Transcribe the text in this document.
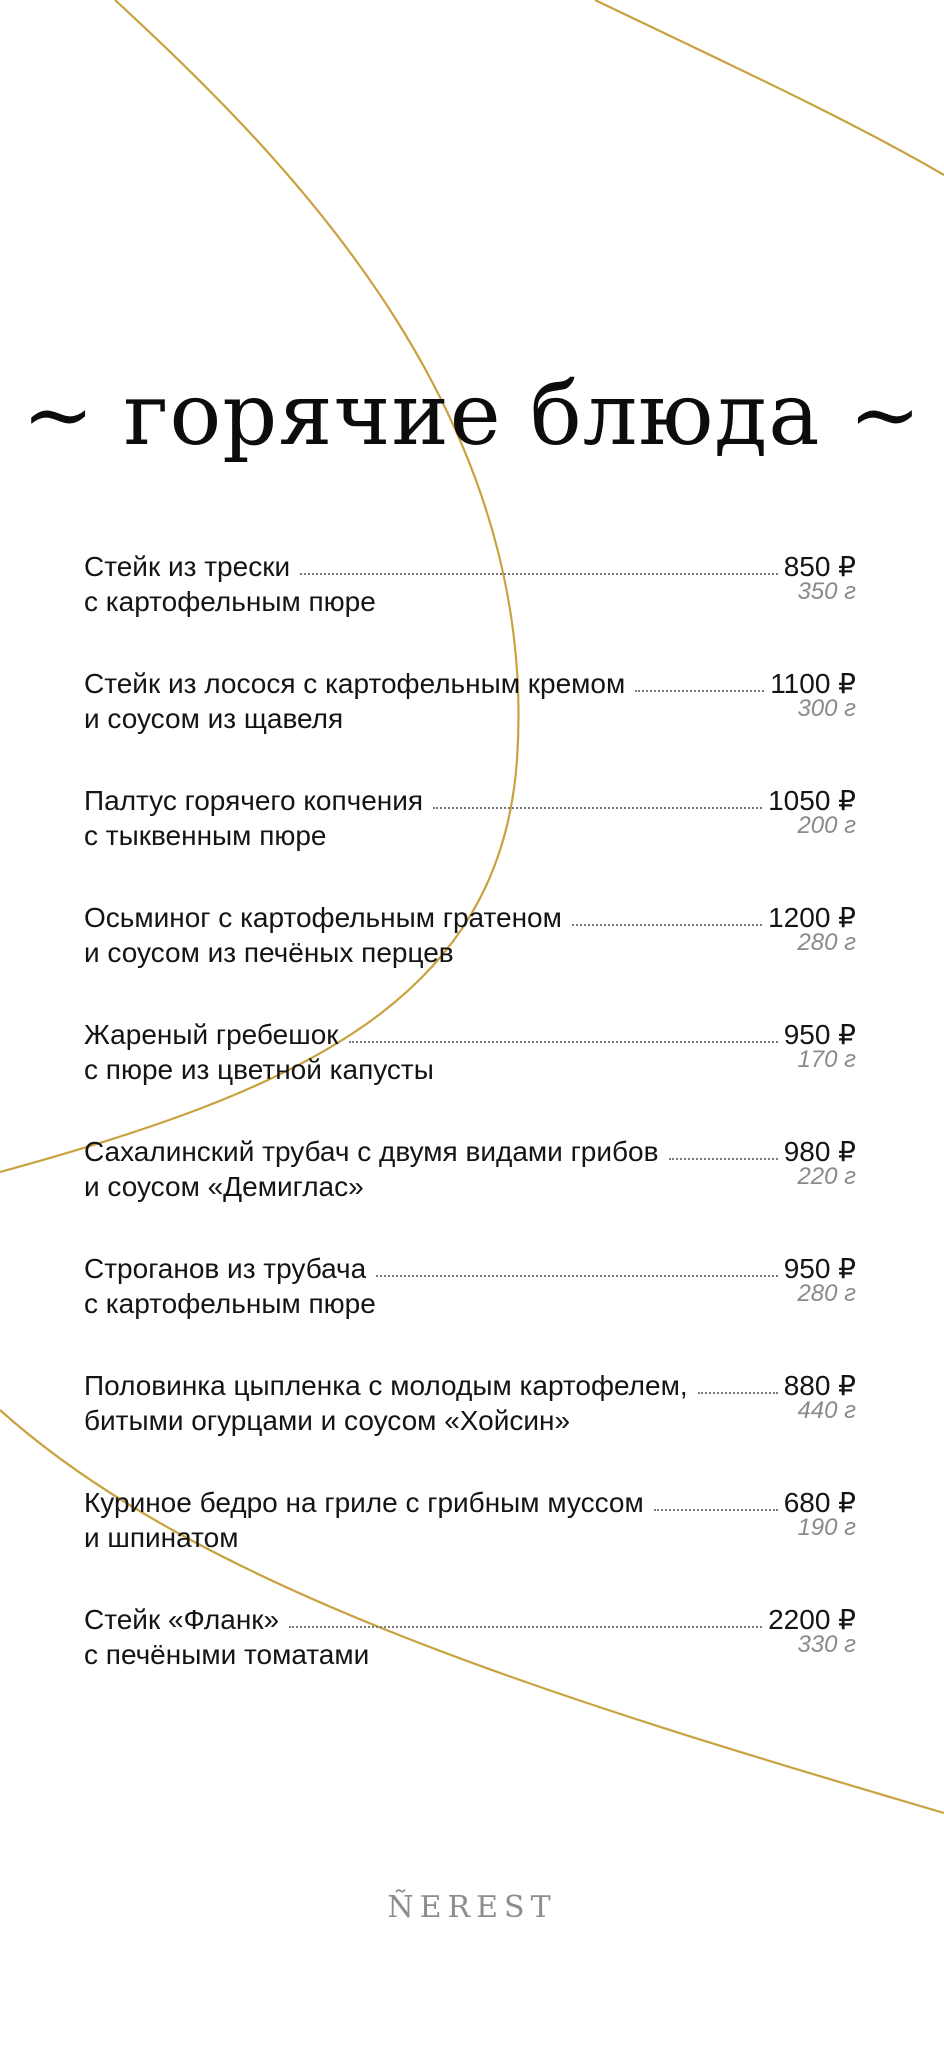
~ горячие блюда ~
Стейк из трески	850 ₽
с картофельным пюре	350 г
Стейк из лосося с картофельным кремом	1100 ₽
и соусом из щавеля	300 г
Палтус горячего копчения	1050 ₽
с тыквенным пюре	200 г
Осьминог с картофельным гратеном	1200 ₽
и соусом из печёных перцев	280 г
Жареный гребешок	950 ₽
с пюре из цветной капусты	170 г
Сахалинский трубач с двумя видами грибов	980 ₽
и соусом «Демиглас»	220 г
Строганов из трубача	950 ₽
с картофельным пюре	280 г
Половинка цыпленка с молодым картофелем,	880 ₽
битыми огурцами и соусом «Хойсин»	440 г
Куриное бедро на гриле с грибным муссом	680 ₽
и шпинатом	190 г
Стейк «Фланк»	2200 ₽
с печёными томатами	330 г
ÑEREST
